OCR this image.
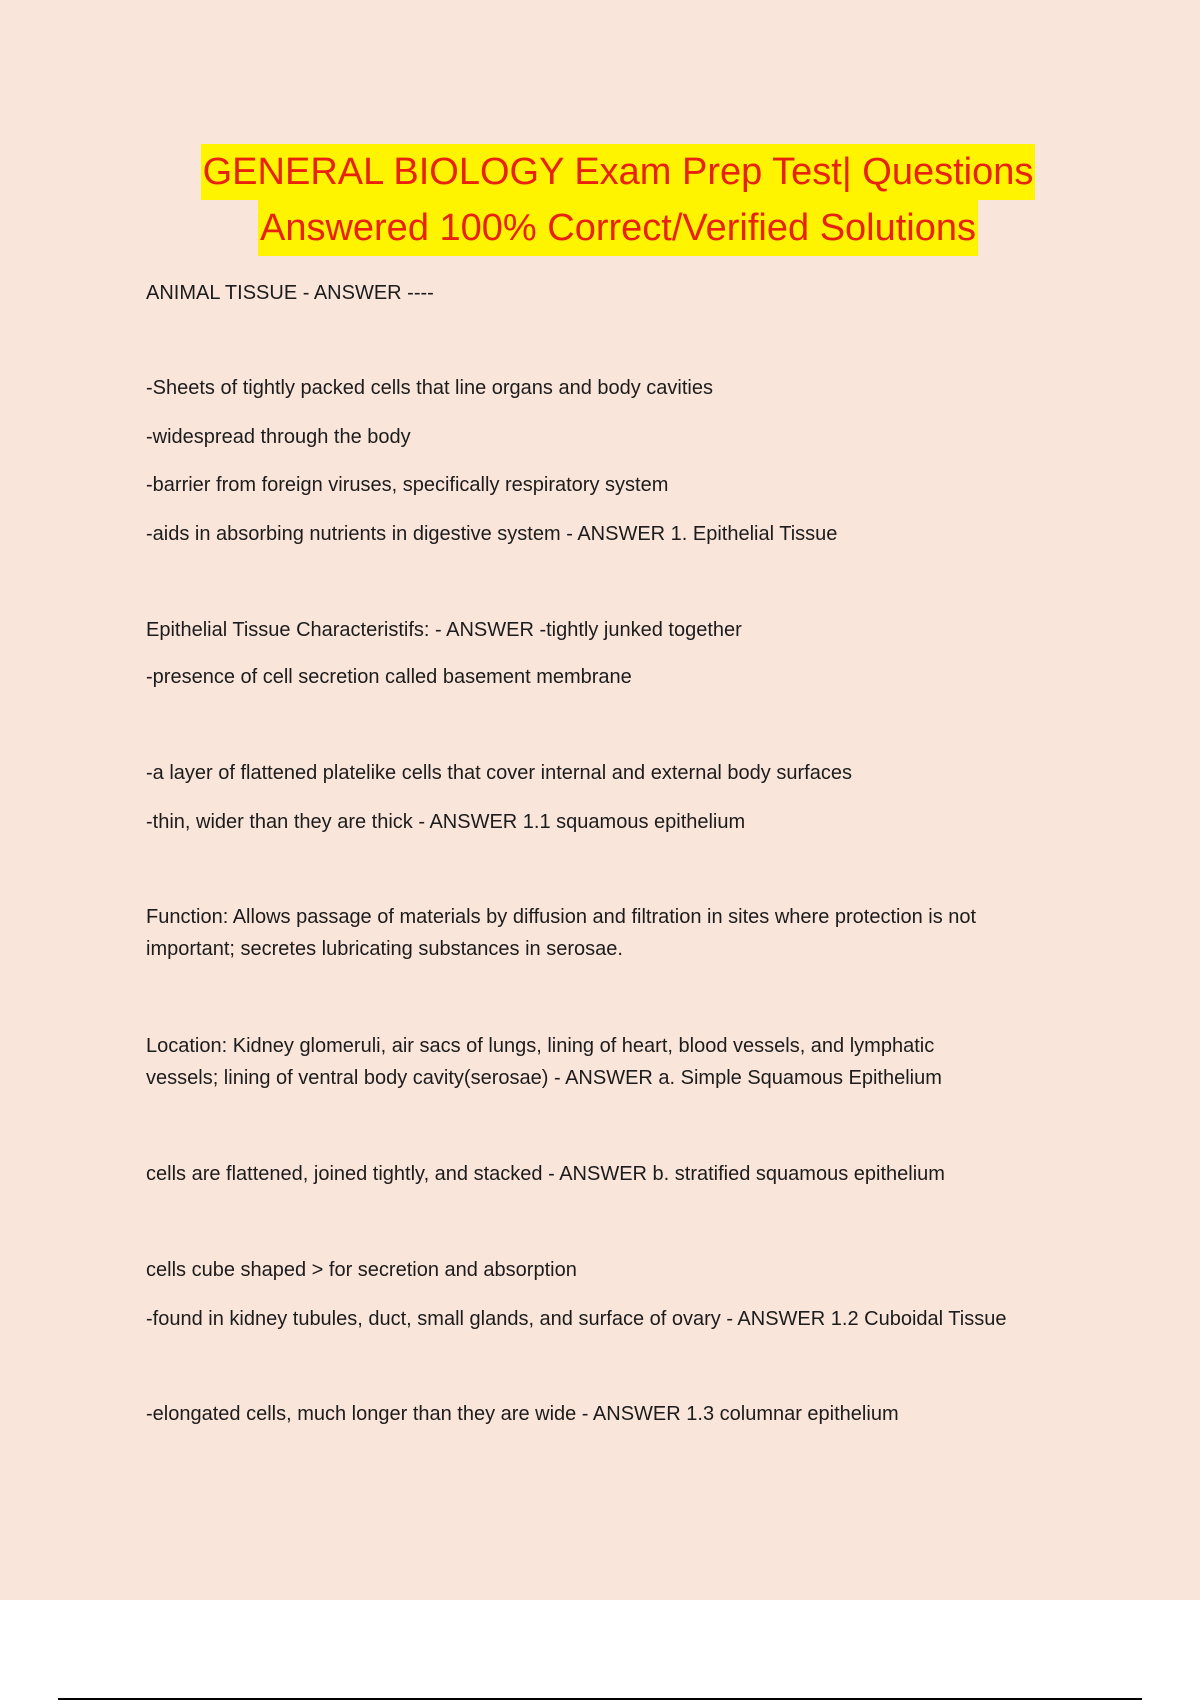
GENERAL BIOLOGY Exam Prep Test| Questions
Answered 100% Correct/Verified Solutions

ANIMAL TISSUE - ANSWER ----

-Sheets of tightly packed cells that line organs and body cavities

-widespread through the body

-barrier from foreign viruses, specifically respiratory system

-aids in absorbing nutrients in digestive system - ANSWER 1. Epithelial Tissue

Epithelial Tissue Characteristifs: - ANSWER -tightly junked together

-presence of cell secretion called basement membrane

-a layer of flattened platelike cells that cover internal and external body surfaces

-thin, wider than they are thick - ANSWER 1.1 squamous epithelium

Function: Allows passage of materials by diffusion and filtration in sites where protection is not

important; secretes lubricating substances in serosae.

Location: Kidney glomeruli, air sacs of lungs, lining of heart, blood vessels, and lymphatic

vessels; lining of ventral body cavity(serosae) - ANSWER a. Simple Squamous Epithelium

cells are flattened, joined tightly, and stacked - ANSWER b. stratified squamous epithelium

cells cube shaped > for secretion and absorption

-found in kidney tubules, duct, small glands, and surface of ovary - ANSWER 1.2 Cuboidal Tissue

-elongated cells, much longer than they are wide - ANSWER 1.3 columnar epithelium
